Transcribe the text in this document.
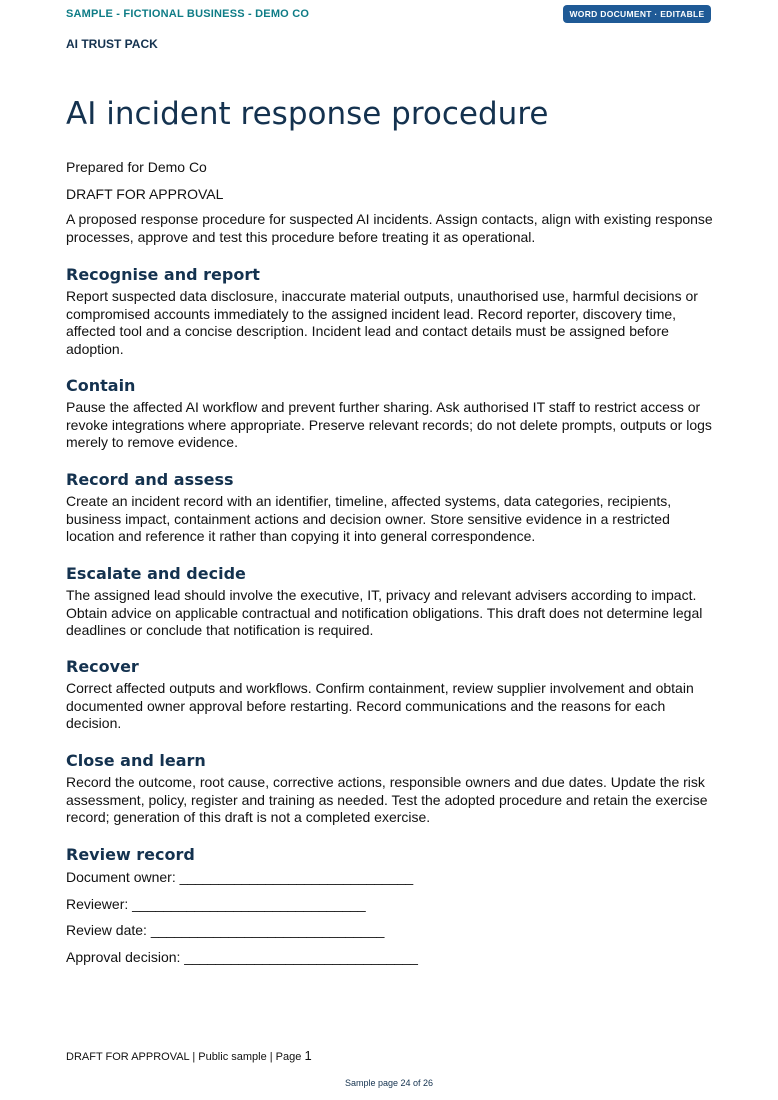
SAMPLE - FICTIONAL BUSINESS - DEMO CO	WORD DOCUMENT · EDITABLE
AI TRUST PACK
AI incident response procedure
Prepared for Demo Co
DRAFT FOR APPROVAL

A proposed response procedure for suspected AI incidents. Assign contacts, align with existing response processes, approve and test this procedure before treating it as operational.

Recognise and report

Report suspected data disclosure, inaccurate material outputs, unauthorised use, harmful decisions or compromised accounts immediately to the assigned incident lead. Record reporter, discovery time, affected tool and a concise description. Incident lead and contact details must be assigned before adoption.

Contain

Pause the affected AI workflow and prevent further sharing. Ask authorised IT staff to restrict access or revoke integrations where appropriate. Preserve relevant records; do not delete prompts, outputs or logs merely to remove evidence.

Record and assess

Create an incident record with an identifier, timeline, affected systems, data categories, recipients, business impact, containment actions and decision owner. Store sensitive evidence in a restricted location and reference it rather than copying it into general correspondence.

Escalate and decide

The assigned lead should involve the executive, IT, privacy and relevant advisers according to impact. Obtain advice on applicable contractual and notification obligations. This draft does not determine legal deadlines or conclude that notification is required.

Recover

Correct affected outputs and workflows. Confirm containment, review supplier involvement and obtain documented owner approval before restarting. Record communications and the reasons for each decision.

Close and learn

Record the outcome, root cause, corrective actions, responsible owners and due dates. Update the risk assessment, policy, register and training as needed. Test the adopted procedure and retain the exercise record; generation of this draft is not a completed exercise.

Review record
Document owner: ______________________________
Reviewer: ______________________________
Review date: ______________________________
Approval decision: ______________________________
DRAFT FOR APPROVAL | Public sample | Page 1
Sample page 24 of 26
